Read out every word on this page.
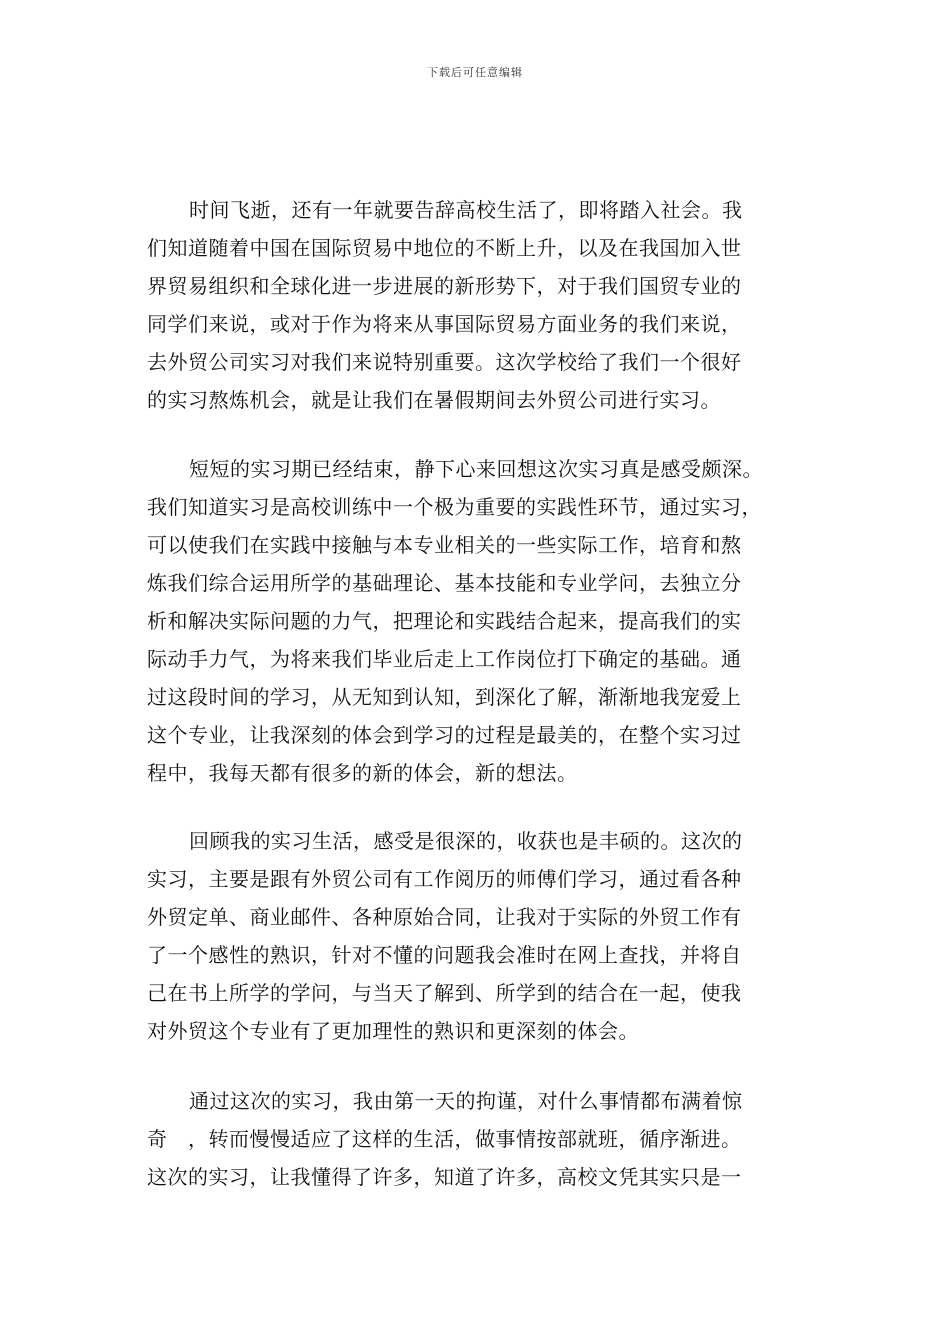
下载后可任意编辑

时间飞逝，还有一年就要告辞高校生活了，即将踏入社会。我
们知道随着中国在国际贸易中地位的不断上升，以及在我国加入世
界贸易组织和全球化进一步进展的新形势下，对于我们国贸专业的
同学们来说，或对于作为将来从事国际贸易方面业务的我们来说，
去外贸公司实习对我们来说特别重要。这次学校给了我们一个很好
的实习熬炼机会，就是让我们在暑假期间去外贸公司进行实习。

短短的实习期已经结束，静下心来回想这次实习真是感受颇深。
我们知道实习是高校训练中一个极为重要的实践性环节，通过实习，
可以使我们在实践中接触与本专业相关的一些实际工作，培育和熬
炼我们综合运用所学的基础理论、基本技能和专业学问，去独立分
析和解决实际问题的力气，把理论和实践结合起来，提高我们的实
际动手力气，为将来我们毕业后走上工作岗位打下确定的基础。通
过这段时间的学习，从无知到认知，到深化了解，渐渐地我宠爱上
这个专业，让我深刻的体会到学习的过程是最美的，在整个实习过
程中，我每天都有很多的新的体会，新的想法。

回顾我的实习生活，感受是很深的，收获也是丰硕的。这次的
实习，主要是跟有外贸公司有工作阅历的师傅们学习，通过看各种
外贸定单、商业邮件、各种原始合同，让我对于实际的外贸工作有
了一个感性的熟识，针对不懂的问题我会准时在网上查找，并将自
己在书上所学的学问，与当天了解到、所学到的结合在一起，使我
对外贸这个专业有了更加理性的熟识和更深刻的体会。

通过这次的实习，我由第一天的拘谨，对什么事情都布满着惊
奇　，转而慢慢适应了这样的生活，做事情按部就班，循序渐进。
这次的实习，让我懂得了许多，知道了许多，高校文凭其实只是一
